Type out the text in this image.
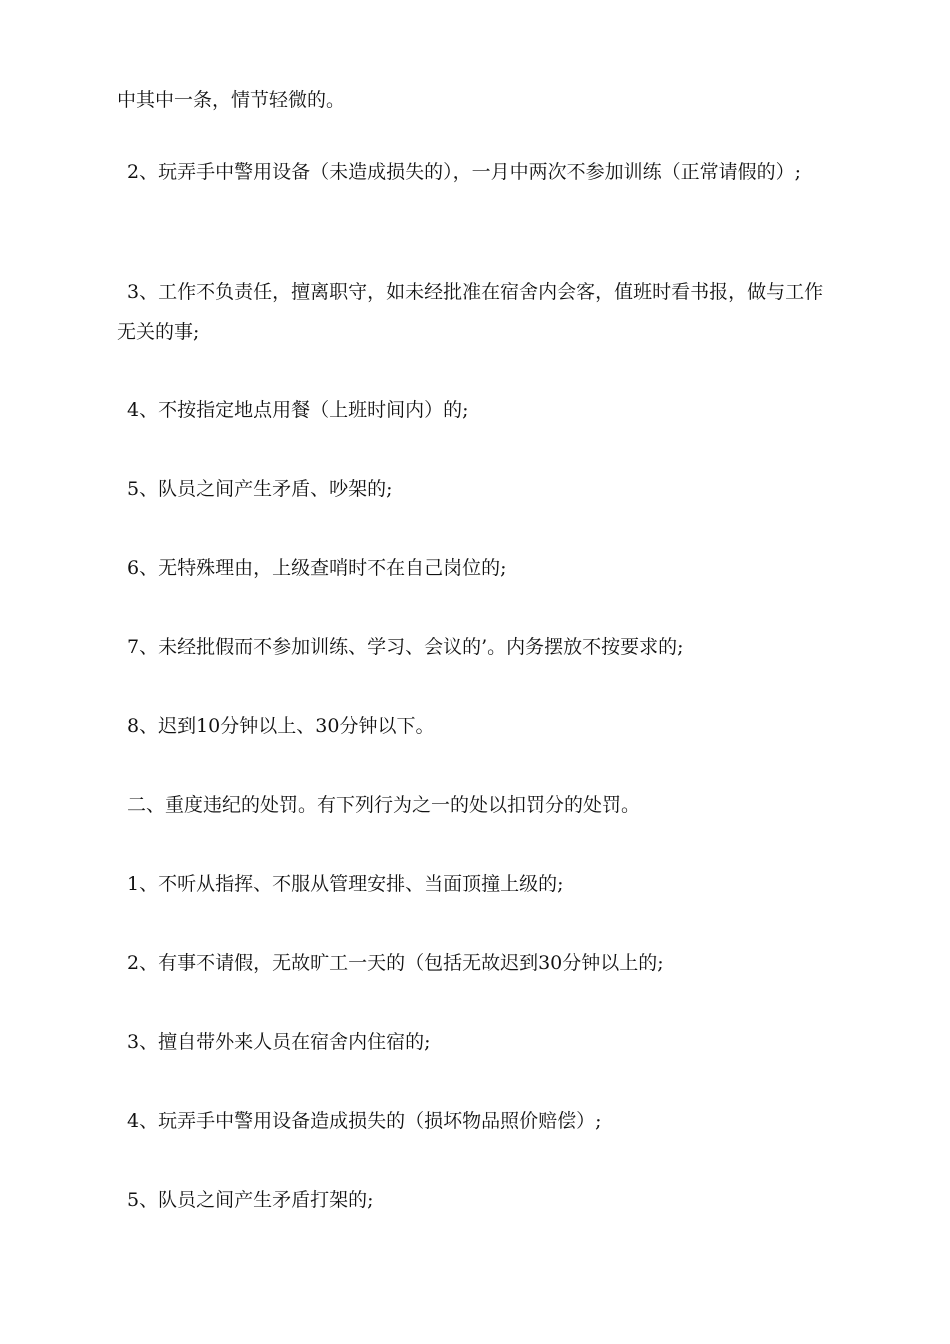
中其中一条，情节轻微的。

2、玩弄手中警用设备（未造成损失的），一月中两次不参加训练（正常请假的）;

3、工作不负责任，擅离职守，如未经批准在宿舍内会客，值班时看书报，做与工作无关的事;

4、不按指定地点用餐（上班时间内）的;

5、队员之间产生矛盾、吵架的;

6、无特殊理由，上级查哨时不在自己岗位的;

7、未经批假而不参加训练、学习、会议的’。内务摆放不按要求的;

8、迟到10分钟以上、30分钟以下。

二、重度违纪的处罚。有下列行为之一的处以扣罚分的处罚。

1、不听从指挥、不服从管理安排、当面顶撞上级的;

2、有事不请假，无故旷工一天的（包括无故迟到30分钟以上的;

3、擅自带外来人员在宿舍内住宿的;

4、玩弄手中警用设备造成损失的（损坏物品照价赔偿）;

5、队员之间产生矛盾打架的;
